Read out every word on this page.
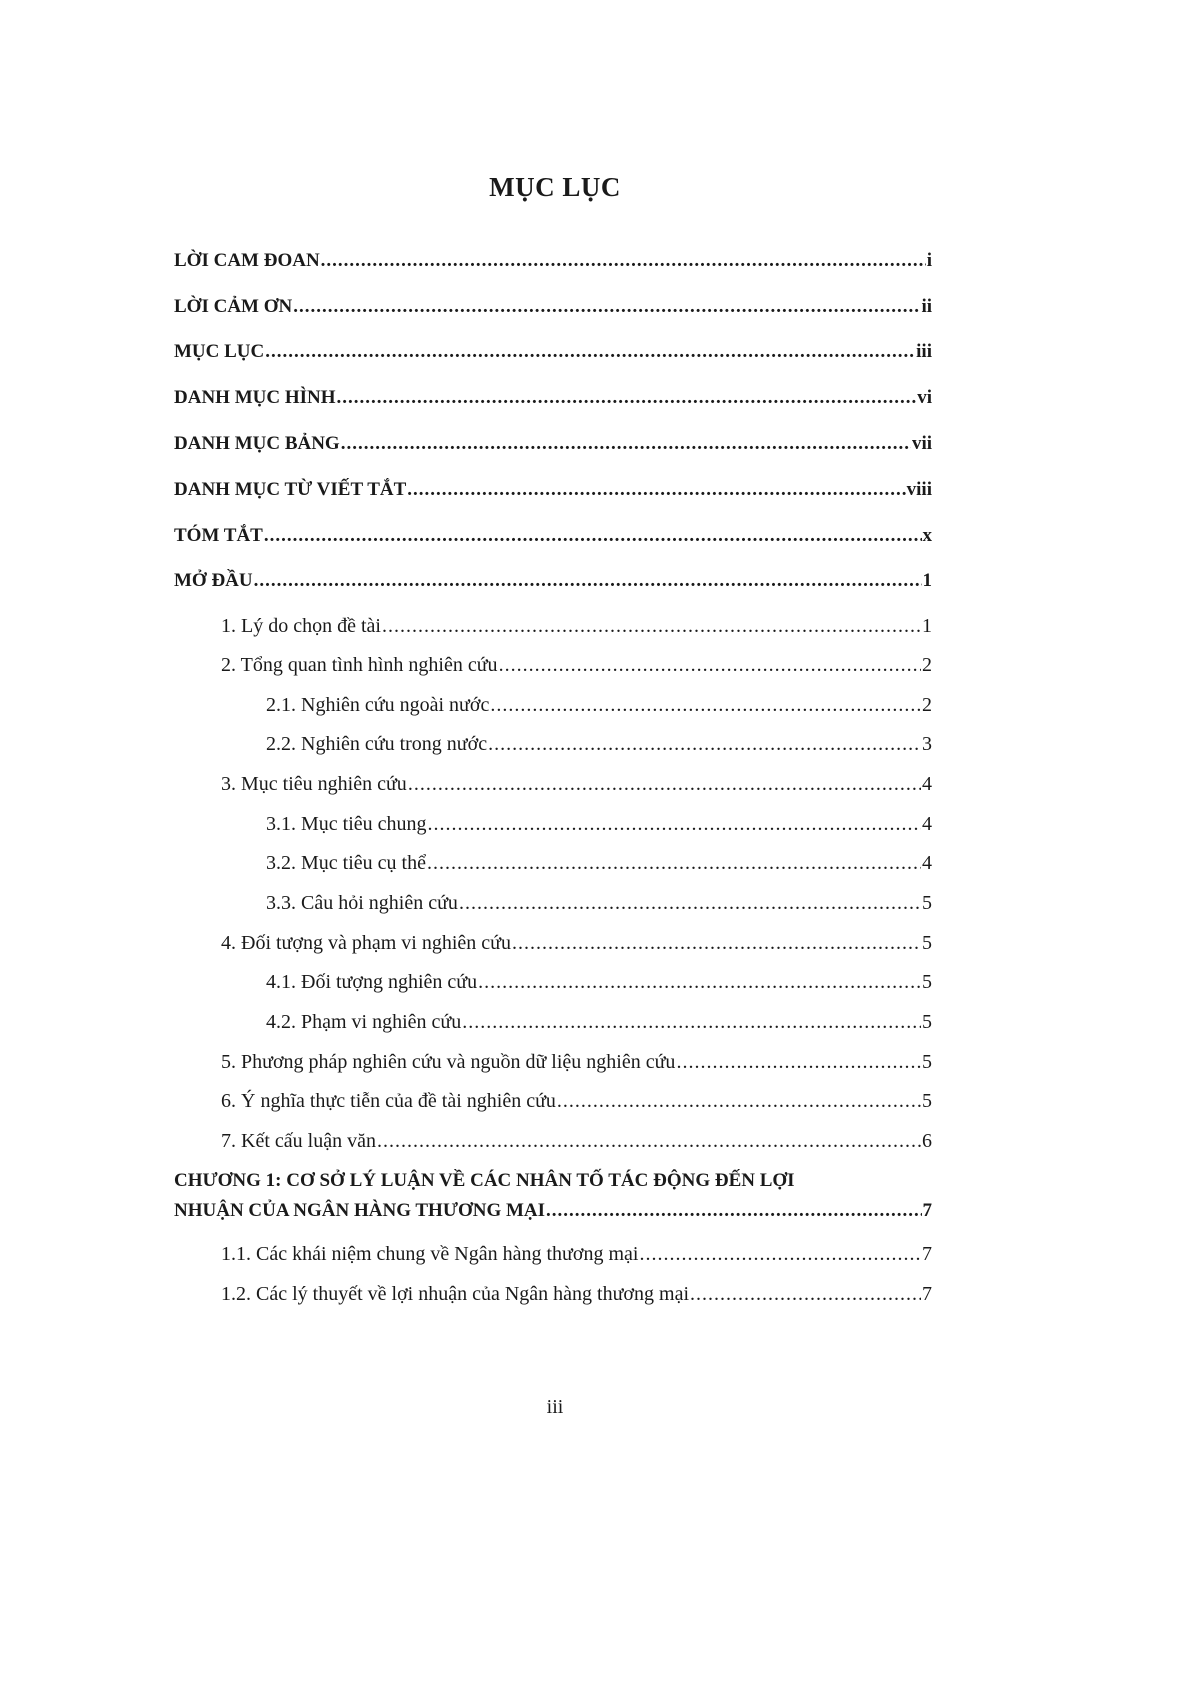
MỤC LỤC
LỜI CAM ĐOAN .....	i
LỜI CẢM ƠN .....	ii
MỤC LỤC .....	iii
DANH MỤC HÌNH .....	vi
DANH MỤC BẢNG .....	vii
DANH MỤC TỪ VIẾT TẮT .....	viii
TÓM TẮT .....	x
MỞ ĐẦU .....	1
1. Lý do chọn đề tài .....	1
2. Tổng quan tình hình nghiên cứu .....	2
2.1. Nghiên cứu ngoài nước .....	2
2.2. Nghiên cứu trong nước .....	3
3. Mục tiêu nghiên cứu .....	4
3.1. Mục tiêu chung .....	4
3.2. Mục tiêu cụ thể .....	4
3.3. Câu hỏi nghiên cứu .....	5
4. Đối tượng và phạm vi nghiên cứu .....	5
4.1. Đối tượng nghiên cứu .....	5
4.2. Phạm vi nghiên cứu .....	5
5. Phương pháp nghiên cứu và nguồn dữ liệu nghiên cứu .....	5
6. Ý nghĩa thực tiễn của đề tài nghiên cứu .....	5
7. Kết cấu luận văn .....	6
CHƯƠNG 1: CƠ SỞ LÝ LUẬN VỀ CÁC NHÂN TỐ TÁC ĐỘNG ĐẾN LỢI
NHUẬN CỦA NGÂN HÀNG THƯƠNG MẠI .....	7
1.1. Các khái niệm chung về Ngân hàng thương mại .....	7
1.2. Các lý thuyết về lợi nhuận của Ngân hàng thương mại .....	7
iii
